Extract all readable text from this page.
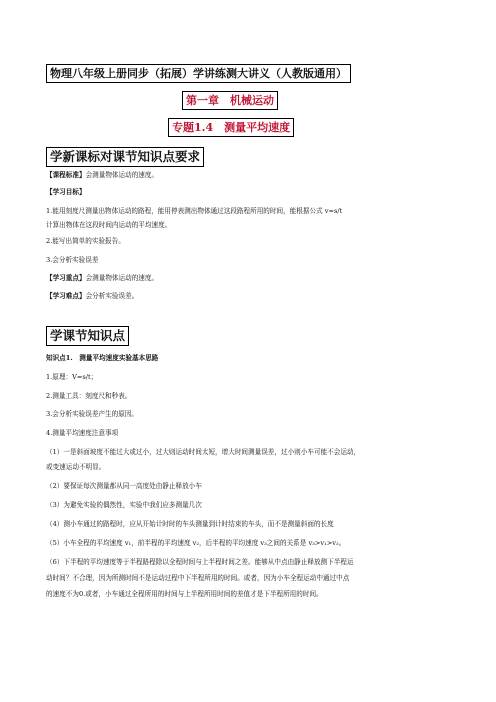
物理八年级上册同步（拓展）学讲练测大讲义（人教版通用）
第一章　机械运动
专题1.4　测量平均速度
学新课标对课节知识点要求
【课程标准】会测量物体运动的速度。
【学习目标】
1.能用刻度尺测量出物体运动的路程，能用停表测出物体通过这段路程所用的时间，能根据公式 v=s/t
计算出物体在这段时间内运动的平均速度。
2.能写出简单的实验报告。
3.会分析实验误差
【学习重点】会测量物体运动的速度。
【学习难点】会分析实验误差。
学课节知识点
知识点1.　测量平均速度实验基本思路
1.原理：V=s/t；
2.测量工具：刻度尺和秒表。
3.会分析实验误差产生的原因。
4.测量平均速度注意事项
（1）一是斜面坡度不能过大或过小，过大则运动时间太短，增大时间测量误差，过小则小车可能不会运动，
或变速运动不明显。
（2）要保证每次测量都从同一高度处由静止释放小车
（3）为避免实验的偶然性，实验中我们应多测量几次
（4）测小车通过的路程时，应从开始计时时的车头测量到计时结束的车头，而不是测量斜面的长度
（5）小车全程的平均速度 v₁，前半程的平均速度 v₂，后半程的平均速度 v₃之间的关系是 v₃>v₁>v₂。
（6）下半程的平均速度等于半程路程除以全程时间与上半程时间之差。能够从中点由静止释放测下半程运
动时间？不合理，因为所测时间不是运动过程中下半程所用的时间。或者，因为小车全程运动中通过中点
的速度不为0.或者，小车通过全程所用的时间与上半程所用时间的差值才是下半程所用的时间。
